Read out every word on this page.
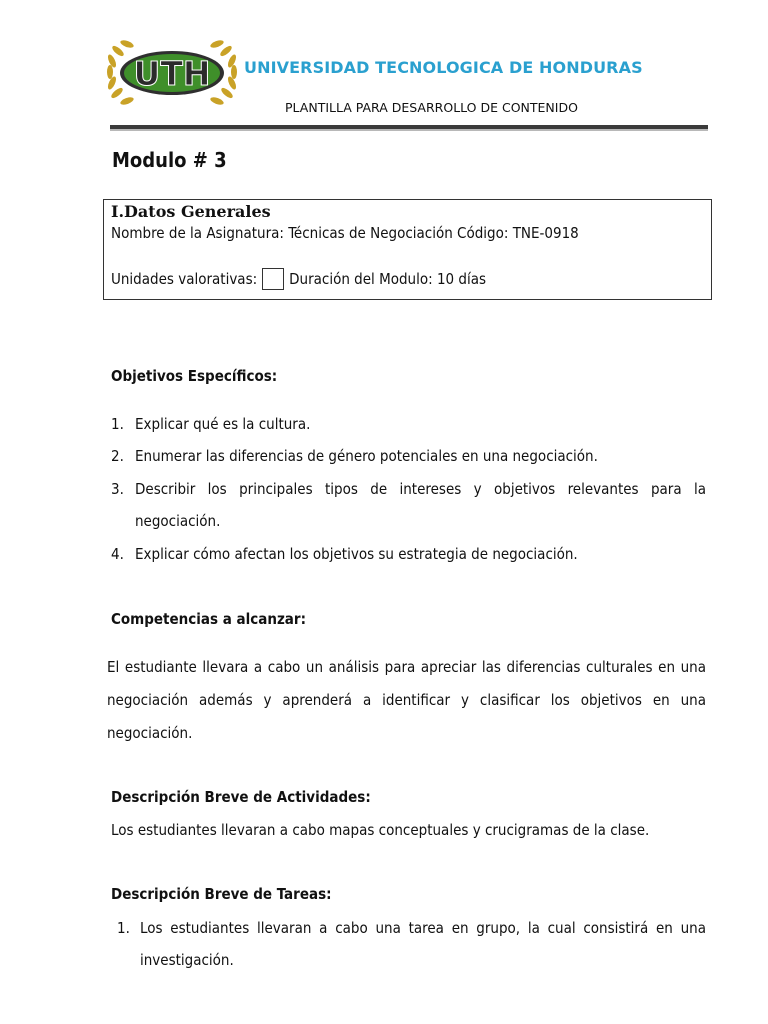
UTH UNIVERSIDAD TECNOLOGICA DE HONDURAS
PLANTILLA PARA DESARROLLO DE CONTENIDO
Modulo # 3
I.Datos Generales
Nombre de la Asignatura: Técnicas de Negociación Código: TNE-0918
Unidades valorativas: Duración del Modulo: 10 días
Objetivos Específicos:
1. Explicar qué es la cultura.
2. Enumerar las diferencias de género potenciales en una negociación.
3. Describir los principales tipos de intereses y objetivos relevantes para la
negociación.
4. Explicar cómo afectan los objetivos su estrategia de negociación.
Competencias a alcanzar:
El estudiante llevara a cabo un análisis para apreciar las diferencias culturales en una
negociación además y aprenderá a identificar y clasificar los objetivos en una
negociación.
Descripción Breve de Actividades:
Los estudiantes llevaran a cabo mapas conceptuales y crucigramas de la clase.
Descripción Breve de Tareas:
1. Los estudiantes llevaran a cabo una tarea en grupo, la cual consistirá en una
investigación.
